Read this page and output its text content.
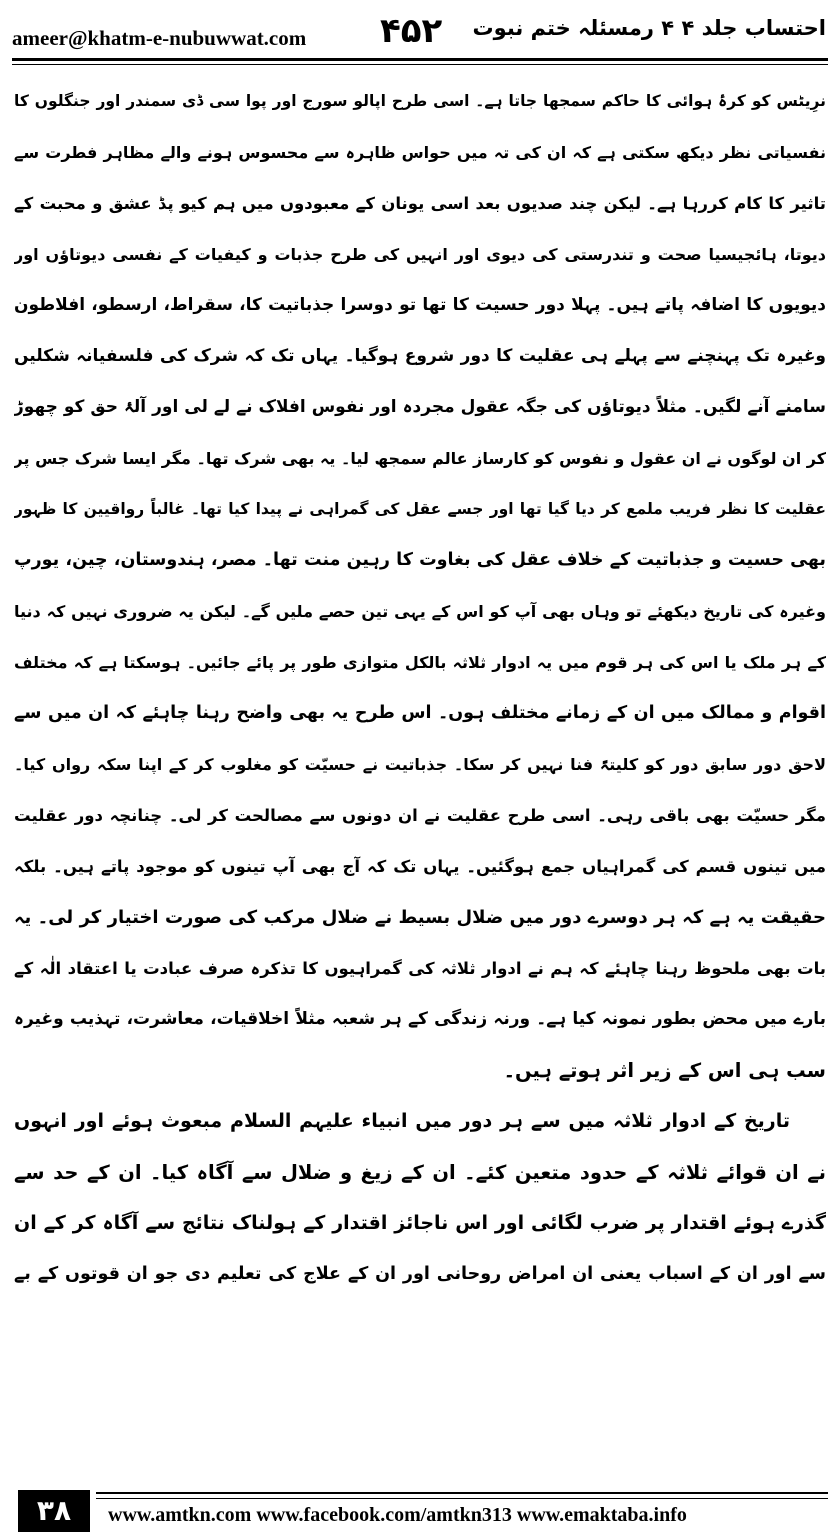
ameer@khatm-e-nubuwwat.com ۴۵۲ احتساب جلد ۴ ۴ رمسئلہ ختم نبوت
نرِیٹس کو کرۂ ہوائی کا حاکم سمجھا جاتا ہے۔ اسی طرح اپالو سورج اور پوا سی ڈی سمندر اور جنگلوں کا
نفسیاتی نظر دیکھ سکتی ہے کہ ان کی تہ میں حواس ظاہرہ سے محسوس ہونے والے مظاہر فطرت سے
تاثیر کا کام کررہا ہے۔ لیکن چند صدیوں بعد اسی یونان کے معبودوں میں ہم کیو پڈ عشق و محبت کے
دیوتا، ہائجیسیا صحت و تندرستی کی دیوی اور انہیں کی طرح جذبات و کیفیات کے نفسی دیوتاؤں اور
دیویوں کا اضافہ پاتے ہیں۔ پہلا دور حسیت کا تھا تو دوسرا جذباتیت کا، سقراط، ارسطو، افلاطون
وغیرہ تک پہنچنے سے پہلے ہی عقلیت کا دور شروع ہوگیا۔ یہاں تک کہ شرک کی فلسفیانہ شکلیں
سامنے آنے لگیں۔ مثلاً دیوتاؤں کی جگہ عقول مجردہ اور نفوس افلاک نے لے لی اور آلۂ حق کو چھوڑ
کر ان لوگوں نے ان عقول و نفوس کو کارساز عالم سمجھ لیا۔ یہ بھی شرک تھا۔ مگر ایسا شرک جس پر
عقلیت کا نظر فریب ملمع کر دیا گیا تھا اور جسے عقل کی گمراہی نے پیدا کیا تھا۔ غالباً رواقیین کا ظہور
بھی حسیت و جذباتیت کے خلاف عقل کی بغاوت کا رہین منت تھا۔ مصر، ہندوستان، چین، یورپ
وغیرہ کی تاریخ دیکھئے تو وہاں بھی آپ کو اس کے یہی تین حصے ملیں گے۔ لیکن یہ ضروری نہیں کہ دنیا
کے ہر ملک یا اس کی ہر قوم میں یہ ادوار ثلاثہ بالکل متوازی طور پر پائے جائیں۔ ہوسکتا ہے کہ مختلف
اقوام و ممالک میں ان کے زمانے مختلف ہوں۔ اس طرح یہ بھی واضح رہنا چاہئے کہ ان میں سے
لاحق دور سابق دور کو کلیتہً فنا نہیں کر سکا۔ جذباتیت نے حسیّت کو مغلوب کر کے اپنا سکہ رواں کیا۔
مگر حسیّت بھی باقی رہی۔ اسی طرح عقلیت نے ان دونوں سے مصالحت کر لی۔ چنانچہ دور عقلیت
میں تینوں قسم کی گمراہیاں جمع ہوگئیں۔ یہاں تک کہ آج بھی آپ تینوں کو موجود پاتے ہیں۔ بلکہ
حقیقت یہ ہے کہ ہر دوسرے دور میں ضلال بسیط نے ضلال مرکب کی صورت اختیار کر لی۔ یہ
بات بھی ملحوظ رہنا چاہئے کہ ہم نے ادوار ثلاثہ کی گمراہیوں کا تذکرہ صرف عبادت یا اعتقاد الٰہ کے
بارے میں محض بطور نمونہ کیا ہے۔ ورنہ زندگی کے ہر شعبہ مثلاً اخلاقیات، معاشرت، تہذیب وغیرہ
سب ہی اس کے زیر اثر ہوتے ہیں۔
تاریخ کے ادوار ثلاثہ میں سے ہر دور میں انبیاء علیہم السلام مبعوث ہوئے اور انہوں
نے ان قوائے ثلاثہ کے حدود متعین کئے۔ ان کے زیغ و ضلال سے آگاہ کیا۔ ان کے حد سے
گذرے ہوئے اقتدار پر ضرب لگائی اور اس ناجائز اقتدار کے ہولناک نتائج سے آگاہ کر کے ان
سے اور ان کے اسباب یعنی ان امراض روحانی اور ان کے علاج کی تعلیم دی جو ان قوتوں کے بے
۳۸	www.amtkn.com www.facebook.com/amtkn313 www.emaktaba.info
